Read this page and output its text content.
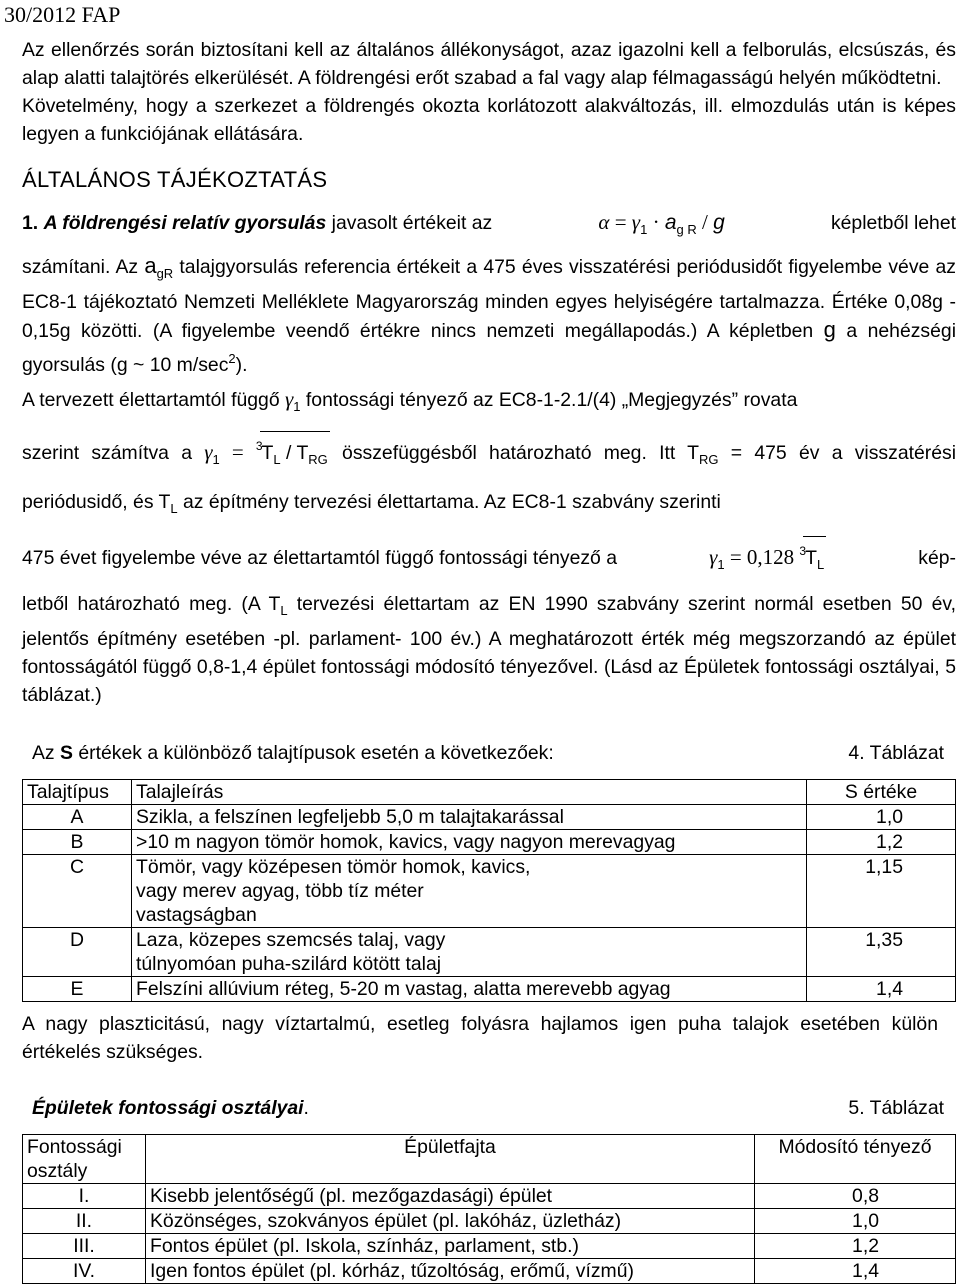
30/2012 FAP

Az ellenőrzés során biztosítani kell az általános állékonyságot, azaz igazolni kell a felborulás, elcsúszás, és alap alatti talajtörés elkerülését. A földrengési erőt szabad a fal vagy alap félmagasságú helyén működtetni.

Követelmény, hogy a szerkezet a földrengés okozta korlátozott alakváltozás, ill. elmozdulás után is képes legyen a funkciójának ellátására.

ÁLTALÁNOS TÁJÉKOZTATÁS
1. A földrengési relatív gyorsulás javasolt értékeit az	$\alpha = \gamma_1 \cdot a_{g R} / g$	képletből lehet

számítani. Az $a_{gR}$ talajgyorsulás referencia értékeit a 475 éves visszatérési periódusidőt figyelembe véve az EC8-1 tájékoztató Nemzeti Melléklete Magyarország minden egyes helyiségére tartalmazza. Értéke 0,08g - 0,15g közötti. (A figyelembe veendő értékre nincs nemzeti megállapodás.) A képletben g a nehézségi gyorsulás (g ~ 10 $m/\sec^2$).

A tervezett élettartamtól függő $\gamma_1$ fontossági tényező az EC8-1-2.1/(4) „Megjegyzés” rovata

szerint számítva a $\gamma_1 = ^3T_L / T_{RG}$ összefüggésből határozható meg. Itt $T_{RG} = 475$ év a visszatérési periódusidő, és $T_L$ az építmény tervezési élettartama. Az EC8-1 szabvány szerinti

475 évet figyelembe véve az élettartamtól függő fontossági tényező a	$\gamma_1 = 0,128$ $^3T_L$	kép-

letből határozható meg. (A $T_L$ tervezési élettartam az EN 1990 szabvány szerint normál esetben 50 év, jelentős építmény esetében -pl. parlament- 100 év.) A meghatározott érték még megszorzandó az épület fontosságától függő 0,8-1,4 épület fontossági módosító tényezővel. (Lásd az Épületek fontossági osztályai, 5 táblázat.)

Az S értékek a különböző talajtípusok esetén a következőek:	4. Táblázat
Talajtípus	Talajleírás	S értéke
A	Szikla, a felszínen legfeljebb 5,0 m talajtakarással	1,0
B	>10 m nagyon tömör homok, kavics, vagy nagyon merevagyag	1,2
C	Tömör, vagy középesen tömör homok, kavics, vagy merev agyag, több tíz méter vastagságban	1,15
D	Laza, közepes szemcsés talaj, vagy túlnyomóan puha-szilárd kötött talaj	1,35
E	Felszíni allúvium réteg, 5-20 m vastag, alatta merevebb agyag	1,4

A nagy plaszticitású, nagy víztartalmú, esetleg folyásra hajlamos igen puha talajok esetében külön értékelés szükséges.

Épületek fontossági osztályai.	5. Táblázat
Fontossági osztály	Épületfajta	Módosító tényező
I.	Kisebb jelentőségű (pl. mezőgazdasági) épület	0,8
II.	Közönséges, szokványos épület (pl. lakóház, üzletház)	1,0
III.	Fontos épület (pl. Iskola, színház, parlament, stb.)	1,2
IV.	Igen fontos épület (pl. kórház, tűzoltóság, erőmű, vízmű)	1,4
